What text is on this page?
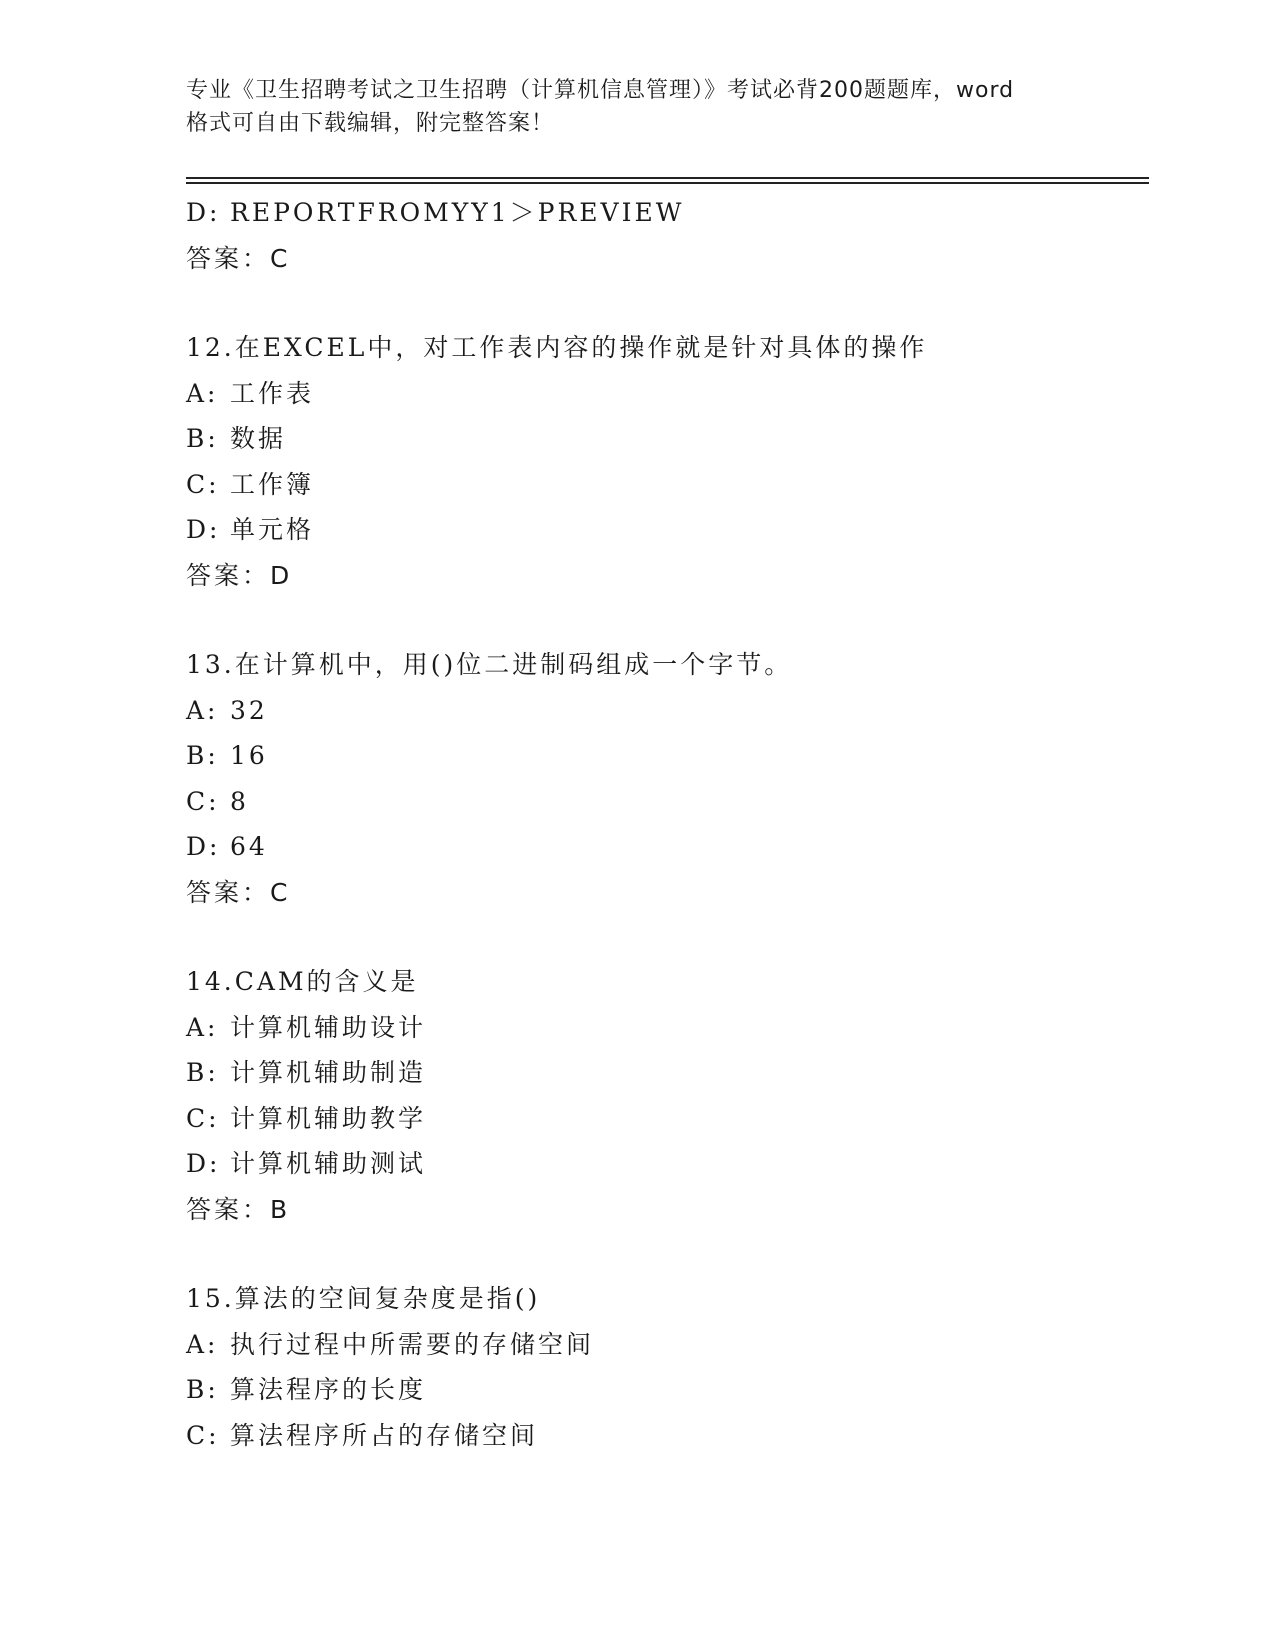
专业《卫生招聘考试之卫生招聘（计算机信息管理）》考试必背200题题库，word

格式可自由下载编辑，附完整答案！

D: REPORTFROMYY1＞PREVIEW
答案：C
12.在EXCEL中，对工作表内容的操作就是针对具体的操作
A: 工作表
B: 数据
C: 工作簿
D: 单元格
答案：D
13.在计算机中，用()位二进制码组成一个字节。
A: 32
B: 16
C: 8
D: 64
答案：C
14.CAM的含义是
A: 计算机辅助设计
B: 计算机辅助制造
C: 计算机辅助教学
D: 计算机辅助测试
答案：B
15.算法的空间复杂度是指()
A: 执行过程中所需要的存储空间
B: 算法程序的长度
C: 算法程序所占的存储空间
